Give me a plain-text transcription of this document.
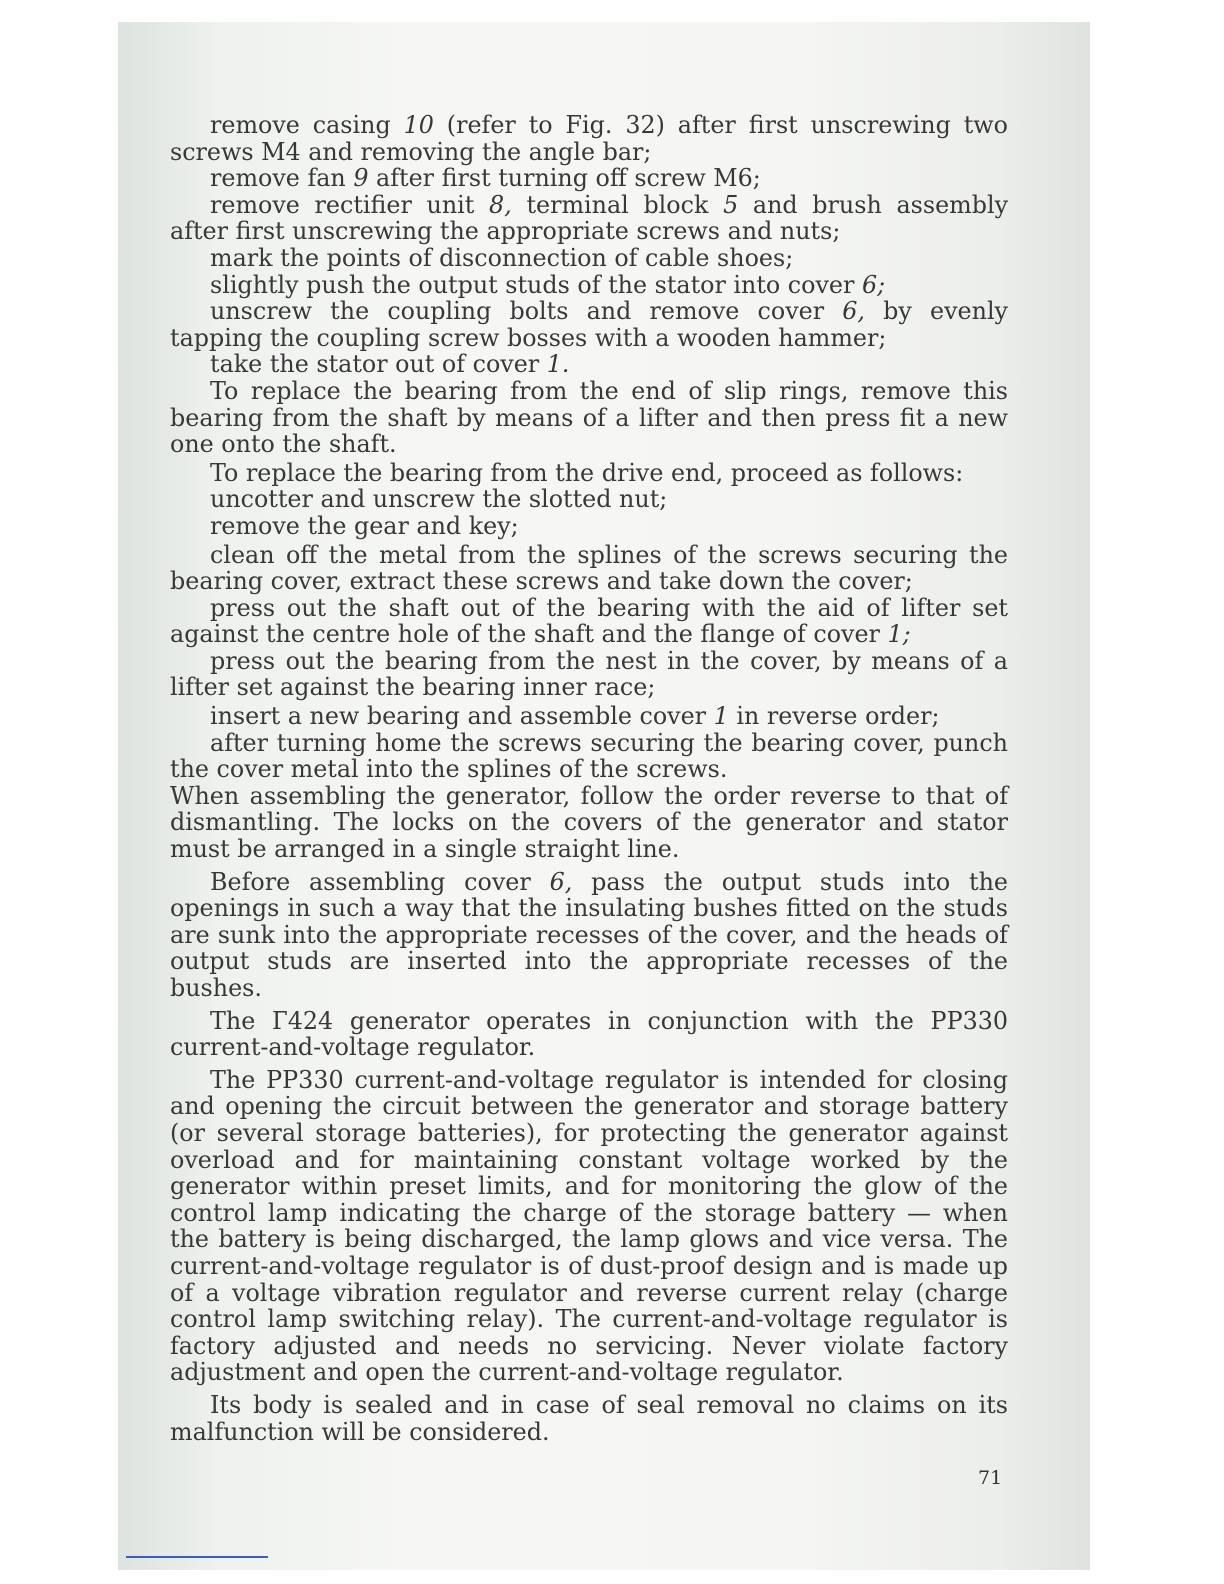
remove casing 10 (refer to Fig. 32) after first unscrewing two screws M4 and removing the angle bar;

remove fan 9 after first turning off screw M6;

remove rectifier unit 8, terminal block 5 and brush assembly after first unscrewing the appropriate screws and nuts;

mark the points of disconnection of cable shoes;

slightly push the output studs of the stator into cover 6;

unscrew the coupling bolts and remove cover 6, by evenly tapping the coupling screw bosses with a wooden hammer;

take the stator out of cover 1.

To replace the bearing from the end of slip rings, remove this bearing from the shaft by means of a lifter and then press fit a new one onto the shaft.

To replace the bearing from the drive end, proceed as follows:

uncotter and unscrew the slotted nut;

remove the gear and key;

clean off the metal from the splines of the screws securing the bearing cover, extract these screws and take down the cover;

press out the shaft out of the bearing with the aid of lifter set against the centre hole of the shaft and the flange of cover 1;

press out the bearing from the nest in the cover, by means of a lifter set against the bearing inner race;

insert a new bearing and assemble cover 1 in reverse order;

after turning home the screws securing the bearing cover, punch the cover metal into the splines of the screws.

When assembling the generator, follow the order reverse to that of dismantling. The locks on the covers of the generator and stator must be arranged in a single straight line.

Before assembling cover 6, pass the output studs into the openings in such a way that the insulating bushes fitted on the studs are sunk into the appropriate recesses of the cover, and the heads of output studs are inserted into the appropriate recesses of the bushes.

The Г424 generator operates in conjunction with the PP330 current-and-voltage regulator.

The PP330 current-and-voltage regulator is intended for closing and opening the circuit between the generator and storage battery (or several storage batteries), for protecting the generator against overload and for maintaining constant voltage worked by the generator within preset limits, and for monitoring the glow of the control lamp indicating the charge of the storage battery — when the battery is being discharged, the lamp glows and vice versa. The current-and-voltage regulator is of dust-proof design and is made up of a voltage vibration regulator and reverse current relay (charge control lamp switching relay). The current-and-voltage regulator is factory adjusted and needs no servicing. Never violate factory adjustment and open the current-and-voltage regulator.

Its body is sealed and in case of seal removal no claims on its malfunction will be considered.

71
